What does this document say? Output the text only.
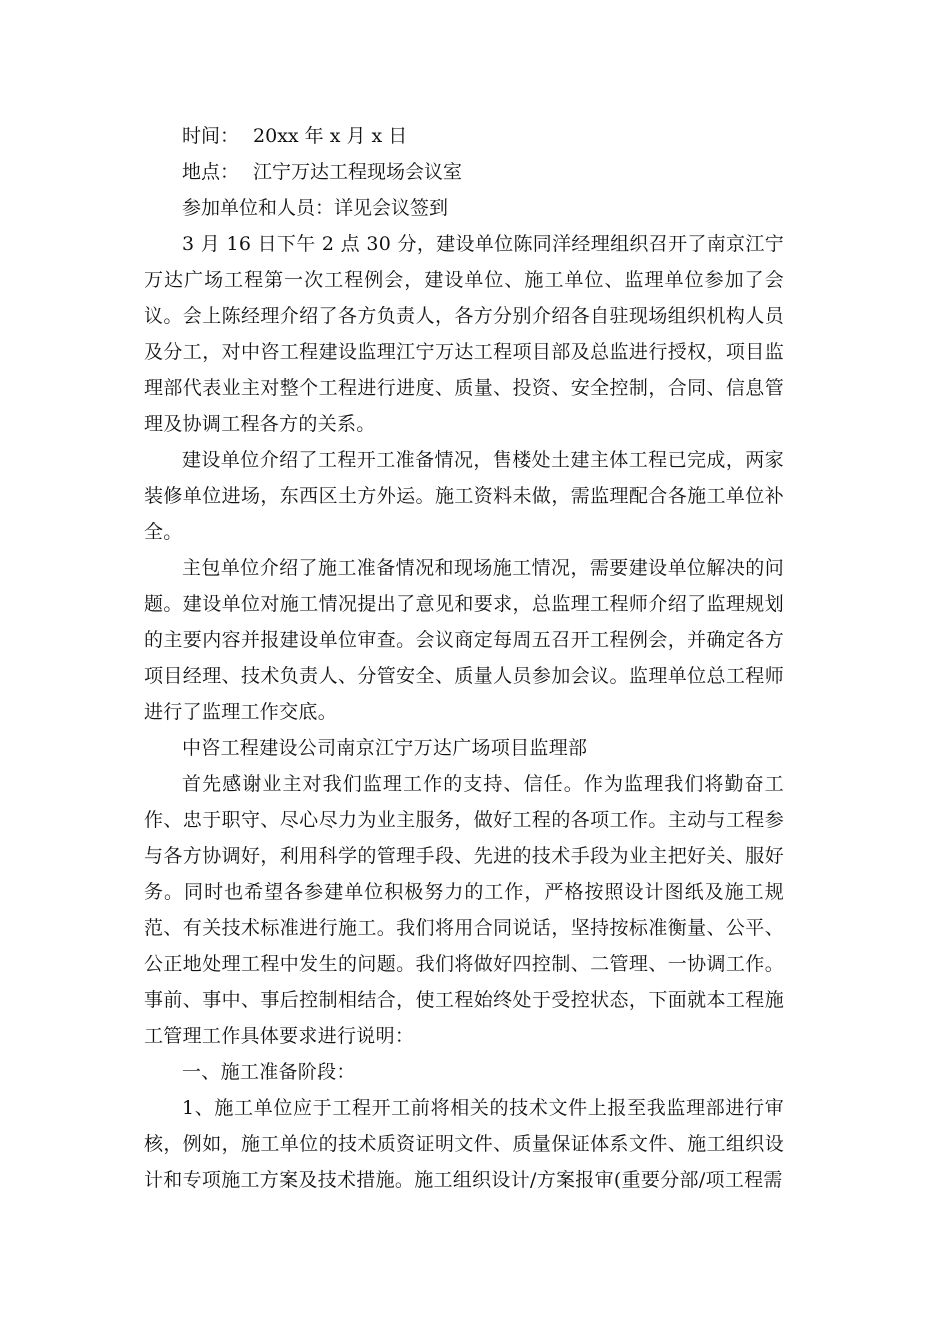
时间： 20xx 年 x 月 x 日
地点： 江宁万达工程现场会议室
参加单位和人员：详见会议签到

3 月 16 日下午 2 点 30 分，建设单位陈同洋经理组织召开了南京江宁万达广场工程第一次工程例会，建设单位、施工单位、监理单位参加了会议。会上陈经理介绍了各方负责人，各方分别介绍各自驻现场组织机构人员及分工，对中咨工程建设监理江宁万达工程项目部及总监进行授权，项目监理部代表业主对整个工程进行进度、质量、投资、安全控制，合同、信息管理及协调工程各方的关系。

建设单位介绍了工程开工准备情况，售楼处土建主体工程已完成，两家装修单位进场，东西区土方外运。施工资料未做，需监理配合各施工单位补全。

主包单位介绍了施工准备情况和现场施工情况，需要建设单位解决的问题。建设单位对施工情况提出了意见和要求，总监理工程师介绍了监理规划的主要内容并报建设单位审查。会议商定每周五召开工程例会，并确定各方项目经理、技术负责人、分管安全、质量人员参加会议。监理单位总工程师进行了监理工作交底。

中咨工程建设公司南京江宁万达广场项目监理部

首先感谢业主对我们监理工作的支持、信任。作为监理我们将勤奋工作、忠于职守、尽心尽力为业主服务，做好工程的各项工作。主动与工程参与各方协调好，利用科学的管理手段、先进的技术手段为业主把好关、服好务。同时也希望各参建单位积极努力的工作，严格按照设计图纸及施工规范、有关技术标准进行施工。我们将用合同说话，坚持按标准衡量、公平、公正地处理工程中发生的问题。我们将做好四控制、二管理、一协调工作。事前、事中、事后控制相结合，使工程始终处于受控状态，下面就本工程施工管理工作具体要求进行说明：

一、施工准备阶段：

1、施工单位应于工程开工前将相关的技术文件上报至我监理部进行审核，例如，施工单位的技术质资证明文件、质量保证体系文件、施工组织设计和专项施工方案及技术措施。施工组织设计/方案报审(重要分部/项工程需
